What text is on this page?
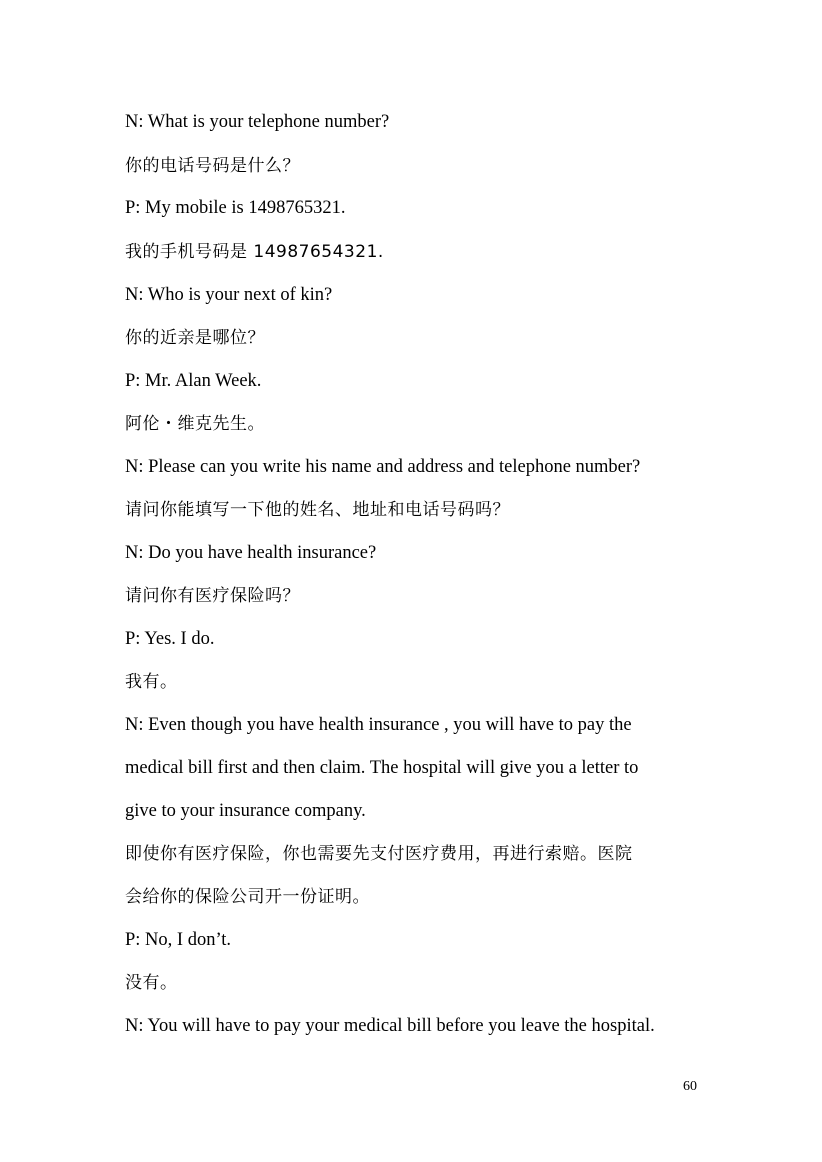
N: What is your telephone number?

你的电话号码是什么？

P: My mobile is 1498765321.

我的手机号码是 14987654321.

N: Who is your next of kin?

你的近亲是哪位？

P: Mr. Alan Week.

阿伦・维克先生。

N: Please can you write his name and address and telephone number?

请问你能填写一下他的姓名、地址和电话号码吗？

N: Do you have health insurance?

请问你有医疗保险吗？

P: Yes. I do.

我有。

N: Even though you have health insurance , you will have to pay the

medical bill first and then claim. The hospital will give you a letter to

give to your insurance company.

即使你有医疗保险，你也需要先支付医疗费用，再进行索赔。医院

会给你的保险公司开一份证明。

P: No, I don’t.

没有。

N: You will have to pay your medical bill before you leave the hospital.

60
